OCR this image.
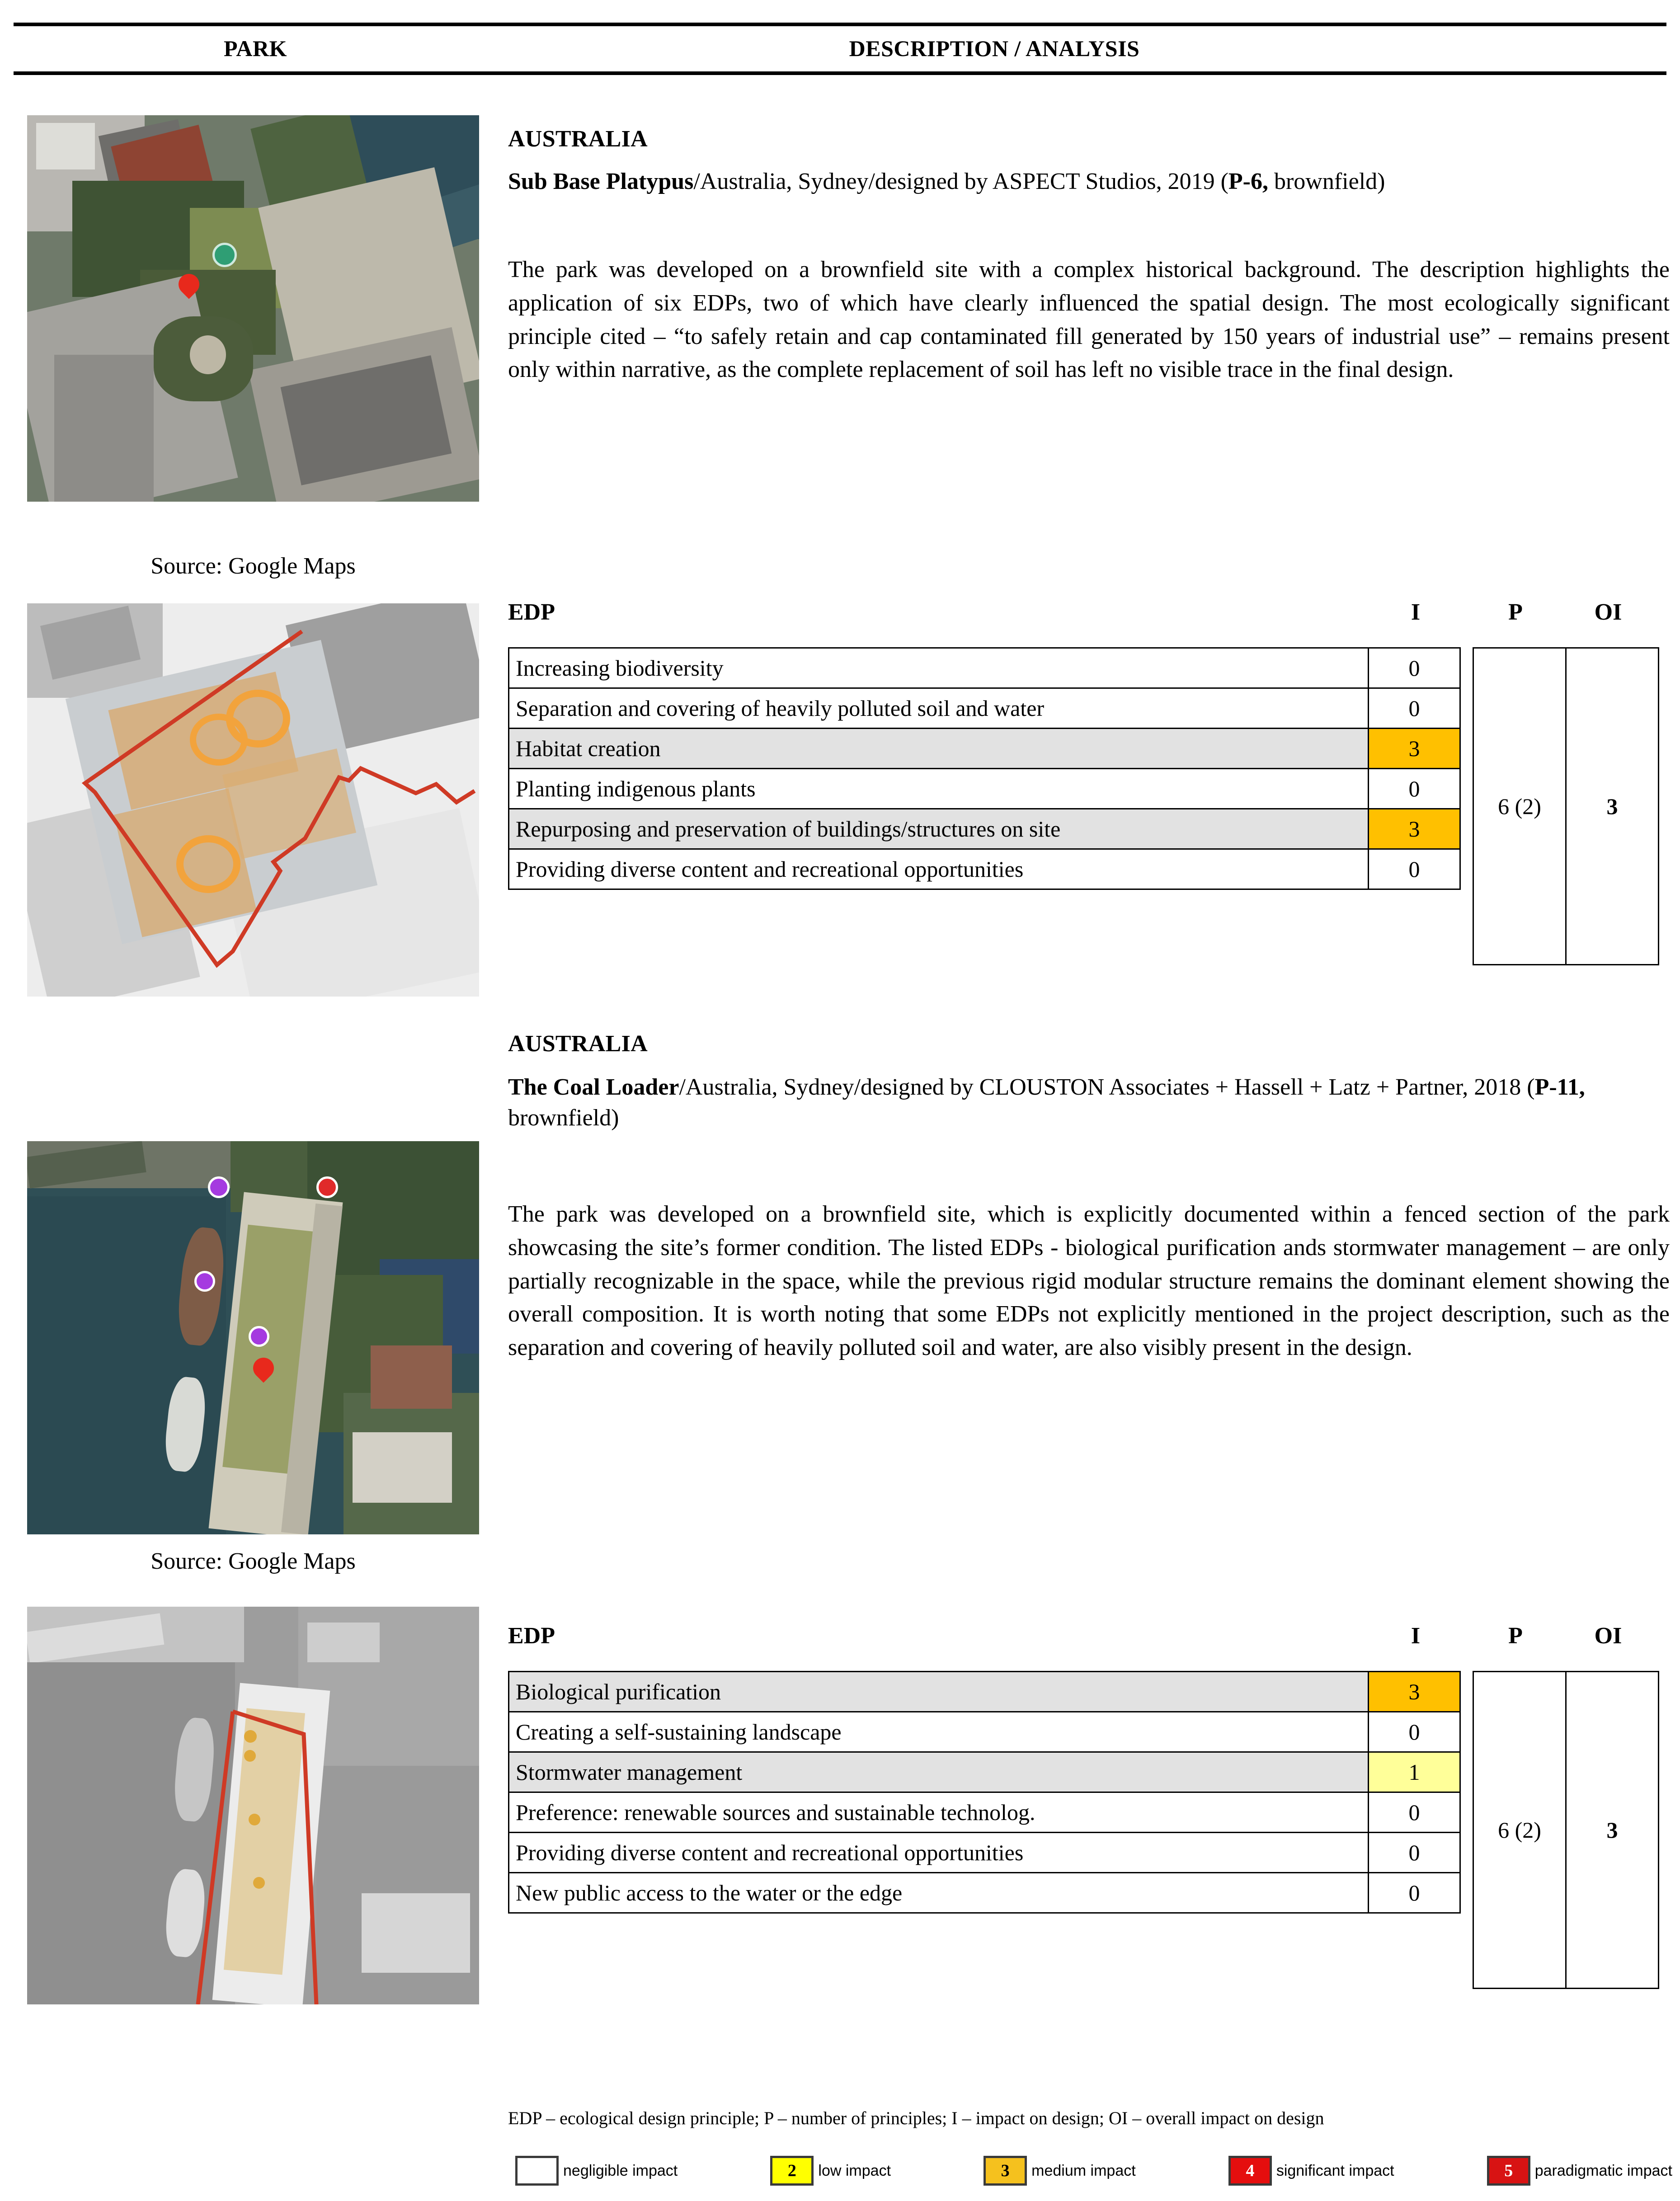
PARK	DESCRIPTION / ANALYSIS
Source: Google Maps
AUSTRALIA
Sub Base Platypus/Australia, Sydney/designed by ASPECT Studios, 2019 (P-6, brownfield)
The park was developed on a brownfield site with a complex historical background. The description highlights the application of six EDPs, two of which have clearly influenced the spatial design. The most ecologically significant principle cited – “to safely retain and cap contaminated fill generated by 150 years of industrial use” – remains present only within narrative, as the complete replacement of soil has left no visible trace in the final design.
EDP	I	P	OI
Increasing biodiversity	0
Separation and covering of heavily polluted soil and water	0
Habitat creation	3
Planting indigenous plants	0
Repurposing and preservation of buildings/structures on site	3
Providing diverse content and recreational opportunities	0
6 (2)	3
Source: Google Maps
AUSTRALIA
The Coal Loader/Australia, Sydney/designed by CLOUSTON Associates + Hassell + Latz + Partner, 2018 (P-11, brownfield)
The park was developed on a brownfield site, which is explicitly documented within a fenced section of the park showcasing the site’s former condition. The listed EDPs - biological purification ands stormwater management – are only partially recognizable in the space, while the previous rigid modular structure remains the dominant element showing the overall composition. It is worth noting that some EDPs not explicitly mentioned in the project description, such as the separation and covering of heavily polluted soil and water, are also visibly present in the design.
EDP	I	P	OI
Biological purification	3
Creating a self-sustaining landscape	0
Stormwater management	1
Preference: renewable sources and sustainable technolog.	0
Providing diverse content and recreational opportunities	0
New public access to the water or the edge	0
6 (2)	3
EDP – ecological design principle; P – number of principles; I – impact on design; OI – overall impact on design
negligible impact	2	low impact	3	medium impact	4	significant impact	5	paradigmatic impact
